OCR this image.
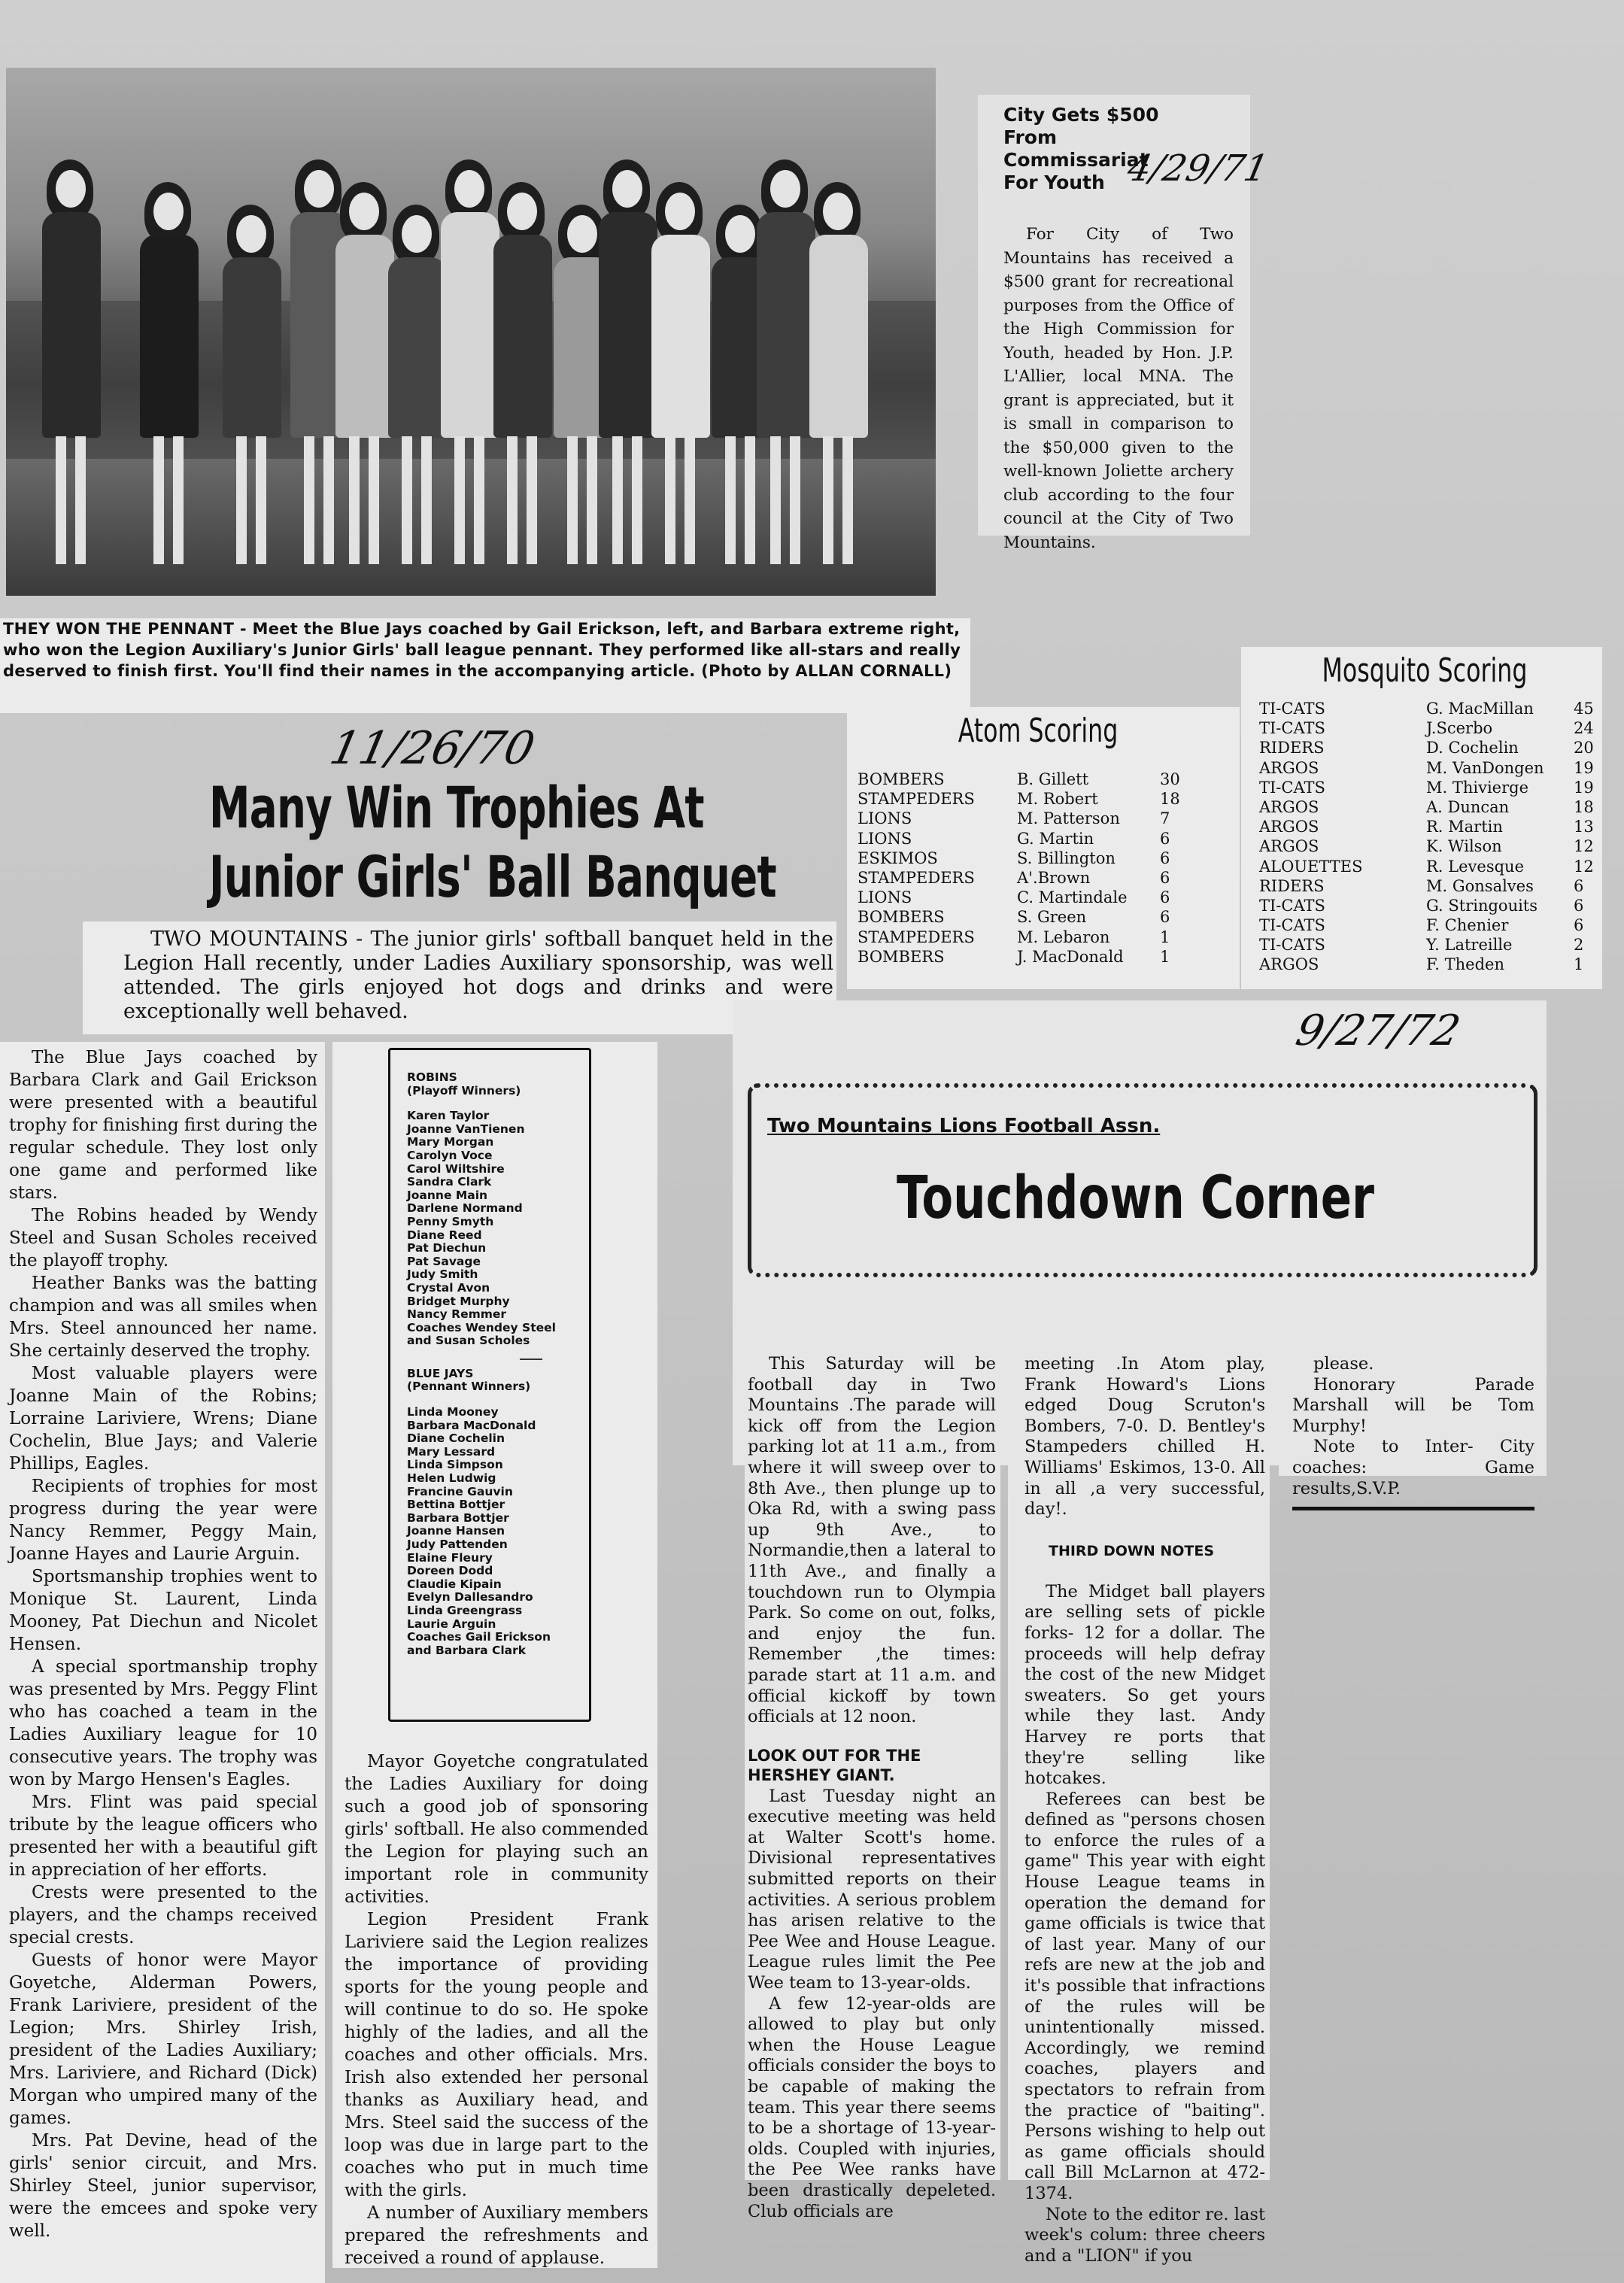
THEY WON THE PENNANT - Meet the Blue Jays coached by Gail Erickson, left, and Barbara extreme right, who won the Legion Auxiliary's Junior Girls' ball league pennant. They performed like all-stars and really deserved to finish first. You'll find their names in the accompanying article. (Photo by ALLAN CORNALL)
City Gets $500 From Commissariat For Youth 4/29/71
For City of Two Mountains has received a $500 grant for recreational purposes from the Office of the High Commission for Youth, headed by Hon. J.P. L'Allier, local MNA. The grant is appreciated, but it is small in comparison to the $50,000 given to the well-known Joliette archery club according to the four council at the City of Two Mountains.
11/26/70
Many Win Trophies At
Junior Girls' Ball Banquet
TWO MOUNTAINS - The junior girls' softball banquet held in the Legion Hall recently, under Ladies Auxiliary sponsorship, was well attended. The girls enjoyed hot dogs and drinks and were exceptionally well behaved.

The Blue Jays coached by Barbara Clark and Gail Erickson were presented with a beautiful trophy for finishing first during the regular schedule. They lost only one game and performed like stars.

The Robins headed by Wendy Steel and Susan Scholes received the playoff trophy.

Heather Banks was the batting champion and was all smiles when Mrs. Steel announced her name. She certainly deserved the trophy.

Most valuable players were Joanne Main of the Robins; Lorraine Lariviere, Wrens; Diane Cochelin, Blue Jays; and Valerie Phillips, Eagles.

Recipients of trophies for most progress during the year were Nancy Remmer, Peggy Main, Joanne Hayes and Laurie Arguin.

Sportsmanship trophies went to Monique St. Laurent, Linda Mooney, Pat Diechun and Nicolet Hensen.

A special sportmanship trophy was presented by Mrs. Peggy Flint who has coached a team in the Ladies Auxiliary league for 10 consecutive years. The trophy was won by Margo Hensen's Eagles.

Mrs. Flint was paid special tribute by the league officers who presented her with a beautiful gift in appreciation of her efforts.

Crests were presented to the players, and the champs received special crests.

Guests of honor were Mayor Goyetche, Alderman Powers, Frank Lariviere, president of the Legion; Mrs. Shirley Irish, president of the Ladies Auxiliary; Mrs. Lariviere, and Richard (Dick) Morgan who umpired many of the games.

Mrs. Pat Devine, head of the girls' senior circuit, and Mrs. Shirley Steel, junior supervisor, were the emcees and spoke very well.

ROBINS
(Playoff Winners)
Karen Taylor
Joanne VanTienen
Mary Morgan
Carolyn Voce
Carol Wiltshire
Sandra Clark
Joanne Main
Darlene Normand
Penny Smyth
Diane Reed
Pat Diechun
Pat Savage
Judy Smith
Crystal Avon
Bridget Murphy
Nancy Remmer
Coaches Wendey Steel
and Susan Scholes
BLUE JAYS
(Pennant Winners)
Linda Mooney
Barbara MacDonald
Diane Cochelin
Mary Lessard
Linda Simpson
Helen Ludwig
Francine Gauvin
Bettina Bottjer
Barbara Bottjer
Joanne Hansen
Judy Pattenden
Elaine Fleury
Doreen Dodd
Claudie Kipain
Evelyn Dallesandro
Linda Greengrass
Laurie Arguin
Coaches Gail Erickson
and Barbara Clark

Mayor Goyetche congratulated the Ladies Auxiliary for doing such a good job of sponsoring girls' softball. He also commended the Legion for playing such an important role in community activities.

Legion President Frank Lariviere said the Legion realizes the importance of providing sports for the young people and will continue to do so. He spoke highly of the ladies, and all the coaches and other officials. Mrs. Irish also extended her personal thanks as Auxiliary head, and Mrs. Steel said the success of the loop was due in large part to the coaches who put in much time with the girls.

A number of Auxiliary members prepared the refreshments and received a round of applause.

Atom Scoring
BOMBERS	B. Gillett	30
STAMPEDERS	M. Robert	18
LIONS	M. Patterson	7
LIONS	G. Martin	6
ESKIMOS	S. Billington	6
STAMPEDERS	A'.Brown	6
LIONS	C. Martindale 6
BOMBERS	S. Green	6
STAMPEDERS	M. Lebaron	1
BOMBERS	J. MacDonald 1
Mosquito Scoring
TI-CATS	G. MacMillan	45
TI-CATS	J.Scerbo	24
RIDERS	D. Cochelin	20
ARGOS	M. VanDongen 19
TI-CATS	M. Thivierge	19
ARGOS	A. Duncan	18
ARGOS	R. Martin	13
ARGOS	K. Wilson	12
ALOUETTES	R. Levesque	12
RIDERS	M. Gonsalves	6
TI-CATS	G. Stringouits 6
TI-CATS	F. Chenier	6
TI-CATS	Y. Latreille	2
ARGOS	F. Theden	1
9/27/72
Two Mountains Lions Football Assn.
Touchdown Corner

This Saturday will be football day in Two Mountains .The parade will kick off from the Legion parking lot at 11 a.m., from where it will sweep over to 8th Ave., then plunge up to Oka Rd, with a swing pass up 9th Ave., to Normandie,then a lateral to 11th Ave., and finally a touchdown run to Olympia Park. So come on out, folks, and enjoy the fun. Remember ,the times: parade start at 11 a.m. and official kickoff by town officials at 12 noon.

LOOK OUT FOR THE HERSHEY GIANT.

Last Tuesday night an executive meeting was held at Walter Scott's home. Divisional representatives submitted reports on their activities. A serious problem has arisen relative to the Pee Wee and House League. League rules limit the Pee Wee team to 13-year-olds.

A few 12-year-olds are allowed to play but only when the House League officials consider the boys to be capable of making the team. This year there seems to be a shortage of 13-year-olds. Coupled with injuries, the Pee Wee ranks have been drastically depeleted. Club officials are

meeting .In Atom play, Frank Howard's Lions edged Doug Scruton's Bombers, 7-0. D. Bentley's Stampeders chilled H. Williams' Eskimos, 13-0. All in all ,a very successful, day!.
THIRD DOWN NOTES

The Midget ball players are selling sets of pickle forks- 12 for a dollar. The proceeds will help defray the cost of the new Midget sweaters. So get yours while they last. Andy Harvey re ports that they're selling like hotcakes.

Referees can best be defined as "persons chosen to enforce the rules of a game" This year with eight House League teams in operation the demand for game officials is twice that of last year. Many of our refs are new at the job and it's possible that infractions of the rules will be unintentionally missed. Accordingly, we remind coaches, players and spectators to refrain from the practice of "baiting". Persons wishing to help out as game officials should call Bill McLarnon at 472-1374.

Note to the editor re. last week's colum: three cheers and a "LION" if you

please.

Honorary Parade Marshall will be Tom Murphy!

Note to Inter- City coaches: Game results,S.V.P.
